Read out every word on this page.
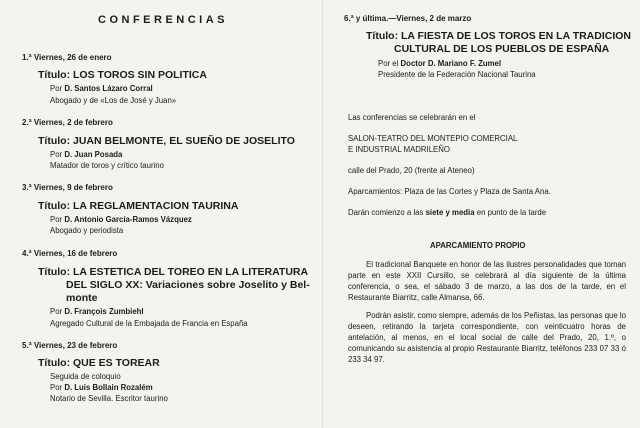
CONFERENCIAS
1.ª Viernes, 26 de enero
Título: LOS TOROS SIN POLITICA
Por D. Santos Lázaro Corral
Abogado y de «Los de José y Juan»
2.ª Viernes, 2 de febrero
Título: JUAN BELMONTE, EL SUEÑO DE JOSELITO
Por D. Juan Posada
Matador de toros y crítico taurino
3.ª Viernes, 9 de febrero
Título: LA REGLAMENTACION TAURINA
Por D. Antonio García-Ramos Vázquez
Abogado y periodista
4.ª Viernes, 16 de febrero
Título: LA ESTETICA DEL TOREO EN LA LITERATURA
DEL SIGLO XX: Variaciones sobre Joselito y Bel-
monte
Por D. François Zumbiehl
Agregado Cultural de la Embajada de Francia en España
5.ª Viernes, 23 de febrero
Título: QUE ES TOREAR
Seguida de coloquio
Por D. Luis Bollain Rozalém
Notario de Sevilla. Escritor taurino
6.ª y última.—Viernes, 2 de marzo
Título: LA FIESTA DE LOS TOROS EN LA TRADICION
CULTURAL DE LOS PUEBLOS DE ESPAÑA
Por el Doctor D. Mariano F. Zumel
Presidente de la Federación Nacional Taurina
Las conferencias se celebrarán en el
SALON-TEATRO DEL MONTEPIO COMERCIAL
E INDUSTRIAL MADRILEÑO
calle del Prado, 20 (frente al Ateneo)
Aparcamientos: Plaza de las Cortes y Plaza de Santa Ana.
Darán comienzo a las siete y media en punto de la tarde
APARCAMIENTO PROPIO
El tradicional Banquete en honor de las ilustres personalidades que toman parte en este XXII Cursillo, se celebrará al día siguiente de la última conferencia, o sea, el sábado 3 de marzo, a las dos de la tarde, en el Restaurante Biarritz, calle Almansa, 66.
Podrán asistir, como siempre, además de los Peñistas, las personas que lo deseen, retirando la tarjeta correspondiente, con veinticuatro horas de antelación, al menos, en el local social de calle del Prado, 20, 1.º, o comunicando su asistencia al propio Restaurante Biarritz, teléfonos 233 07 33 ó 233 34 97.
